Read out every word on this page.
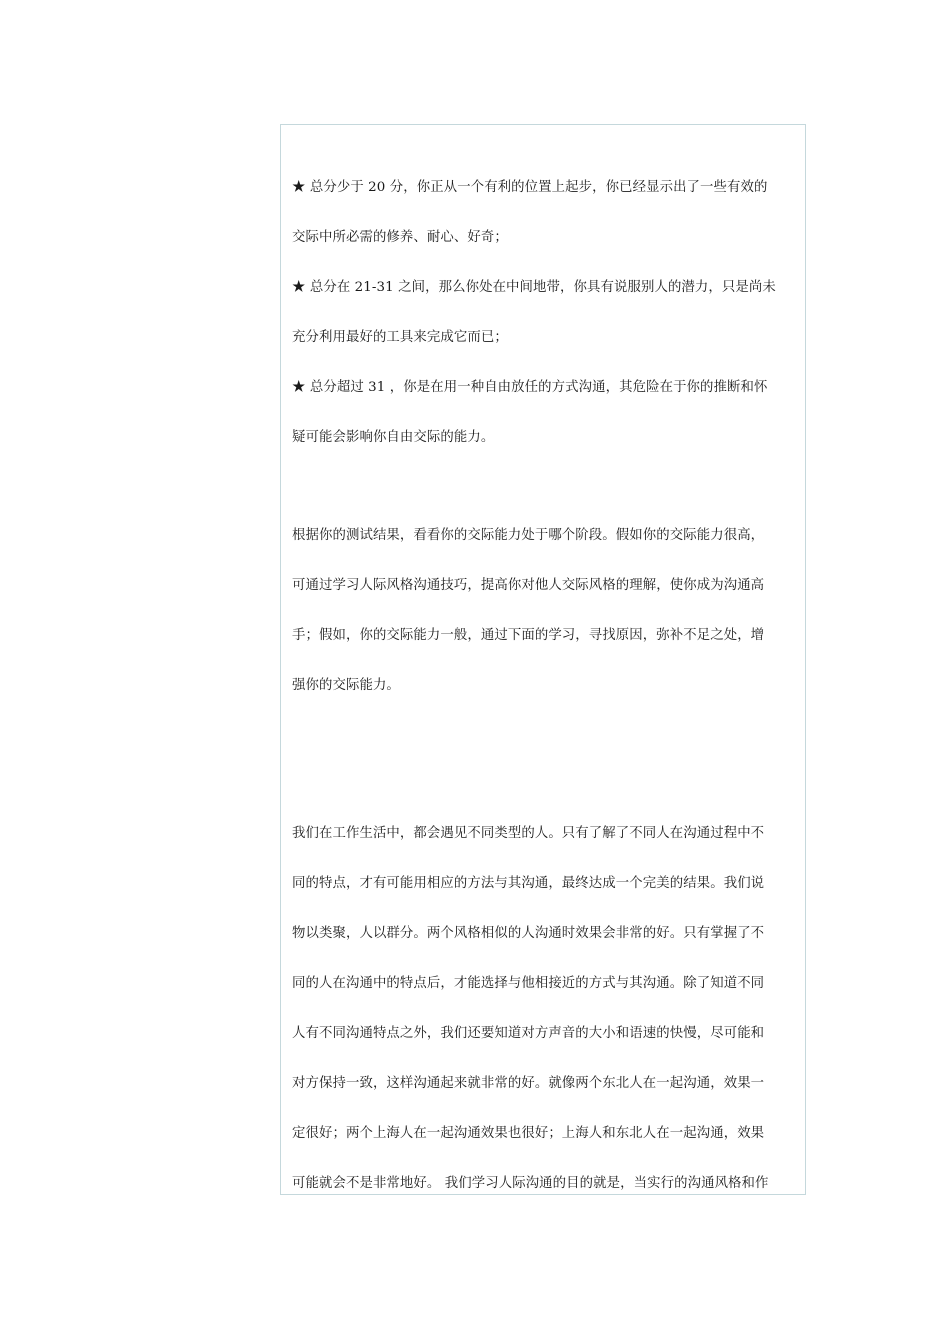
★ 总分少于 20 分，你正从一个有利的位置上起步，你已经显示出了一些有效的
交际中所必需的修养、耐心、好奇；
★ 总分在 21-31 之间，那么你处在中间地带，你具有说服别人的潜力，只是尚未
充分利用最好的工具来完成它而已；
★ 总分超过 31 ，你是在用一种自由放任的方式沟通，其危险在于你的推断和怀
疑可能会影响你自由交际的能力。
根据你的测试结果，看看你的交际能力处于哪个阶段。假如你的交际能力很高，
可通过学习人际风格沟通技巧，提高你对他人交际风格的理解，使你成为沟通高
手；假如，你的交际能力一般，通过下面的学习，寻找原因，弥补不足之处，增
强你的交际能力。
我们在工作生活中，都会遇见不同类型的人。只有了解了不同人在沟通过程中不
同的特点，才有可能用相应的方法与其沟通，最终达成一个完美的结果。我们说
物以类聚，人以群分。两个风格相似的人沟通时效果会非常的好。只有掌握了不
同的人在沟通中的特点后，才能选择与他相接近的方式与其沟通。除了知道不同
人有不同沟通特点之外，我们还要知道对方声音的大小和语速的快慢，尽可能和
对方保持一致，这样沟通起来就非常的好。就像两个东北人在一起沟通，效果一
定很好；两个上海人在一起沟通效果也很好；上海人和东北人在一起沟通，效果
可能就会不是非常地好。 我们学习人际沟通的目的就是，当实行的沟通风格和作
